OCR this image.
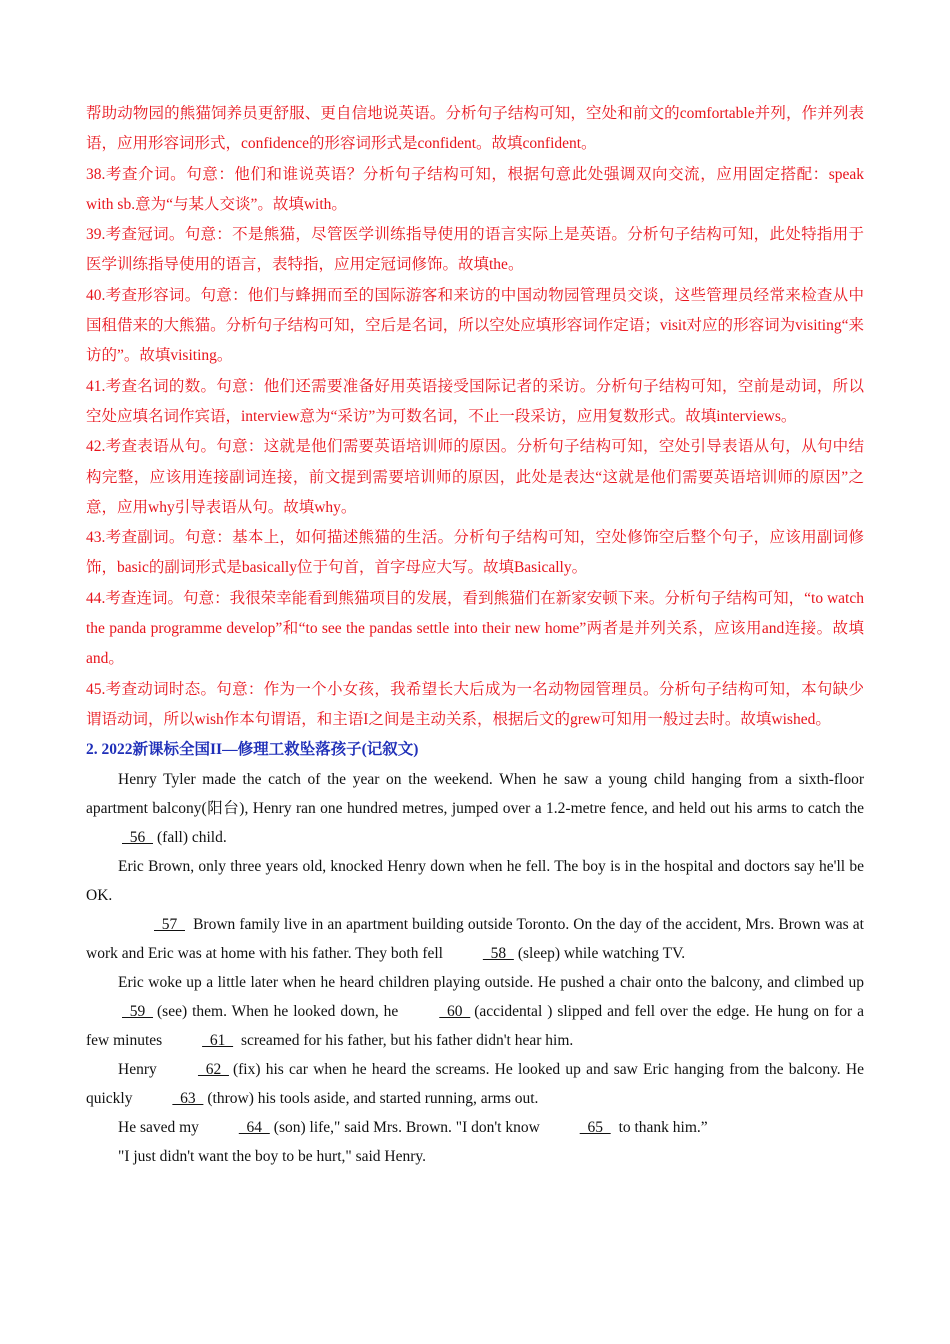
帮助动物园的熊猫饲养员更舒服、更自信地说英语。分析句子结构可知，空处和前文的comfortable并列，作并列表语，应用形容词形式，confidence的形容词形式是confident。故填confident。

38.考查介词。句意：他们和谁说英语？分析句子结构可知，根据句意此处强调双向交流，应用固定搭配：speak with sb.意为“与某人交谈”。故填with。

39.考查冠词。句意：不是熊猫，尽管医学训练指导使用的语言实际上是英语。分析句子结构可知，此处特指用于医学训练指导使用的语言，表特指，应用定冠词修饰。故填the。

40.考查形容词。句意：他们与蜂拥而至的国际游客和来访的中国动物园管理员交谈，这些管理员经常来检查从中国租借来的大熊猫。分析句子结构可知，空后是名词，所以空处应填形容词作定语；visit对应的形容词为visiting“来访的”。故填visiting。

41.考查名词的数。句意：他们还需要准备好用英语接受国际记者的采访。分析句子结构可知，空前是动词，所以空处应填名词作宾语，interview意为“采访”为可数名词，不止一段采访，应用复数形式。故填interviews。

42.考查表语从句。句意：这就是他们需要英语培训师的原因。分析句子结构可知，空处引导表语从句，从句中结构完整，应该用连接副词连接，前文提到需要培训师的原因，此处是表达“这就是他们需要英语培训师的原因”之意，应用why引导表语从句。故填why。

43.考查副词。句意：基本上，如何描述熊猫的生活。分析句子结构可知，空处修饰空后整个句子，应该用副词修饰，basic的副词形式是basically位于句首，首字母应大写。故填Basically。

44.考查连词。句意：我很荣幸能看到熊猫项目的发展，看到熊猫们在新家安顿下来。分析句子结构可知，“to watch the panda programme develop”和“to see the pandas settle into their new home”两者是并列关系，应该用and连接。故填and。

45.考查动词时态。句意：作为一个小女孩，我希望长大后成为一名动物园管理员。分析句子结构可知，本句缺少谓语动词，所以wish作本句谓语，和主语I之间是主动关系，根据后文的grew可知用一般过去时。故填wished。

2. 2022新课标全国II—修理工救坠落孩子(记叙文)

Henry Tyler made the catch of the year on the weekend. When he saw a young child hanging from a sixth-floor apartment balcony(阳台), Henry ran one hundred metres, jumped over a 1.2-metre fence, and held out his arms to catch the   56  (fall) child.

Eric Brown, only three years old, knocked Henry down when he fell. The boy is in the hospital and doctors say he'll be OK.

57   Brown family live in an apartment building outside Toronto. On the day of the accident, Mrs. Brown was at work and Eric was at home with his father. They both fell   58  (sleep) while watching TV.

Eric woke up a little later when he heard children playing outside. He pushed a chair onto the balcony, and climbed up   59  (see) them. When he looked down, he   60  (accidental ) slipped and fell over the edge. He hung on for a few minutes   61   screamed for his father, but his father didn't hear him.

Henry   62  (fix) his car when he heard the screams. He looked up and saw Eric hanging from the balcony. He quickly   63  (throw) his tools aside, and started running, arms out.

He saved my   64  (son) life," said Mrs. Brown. "I don't know   65   to thank him.”

"I just didn't want the boy to be hurt," said Henry.
